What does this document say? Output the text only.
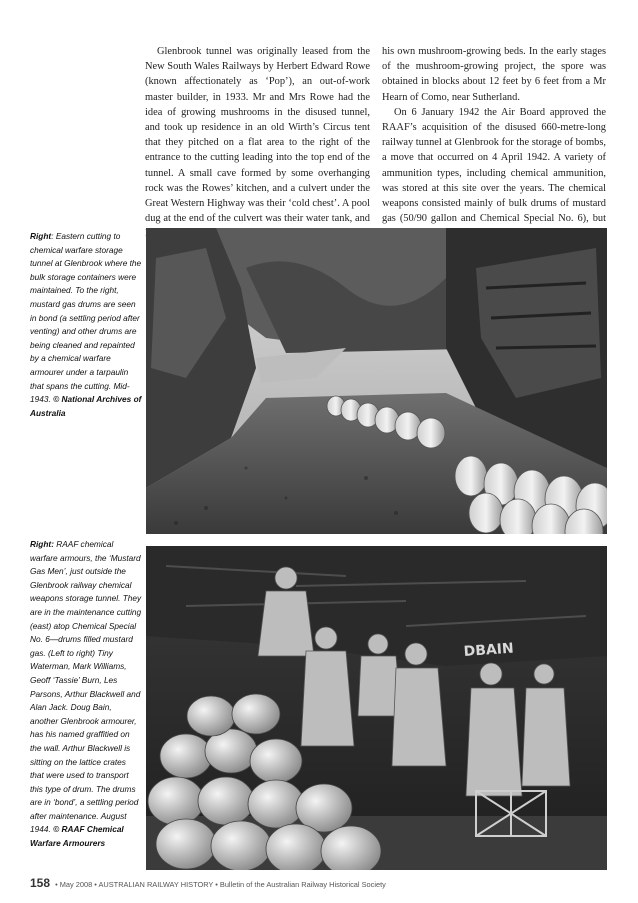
Glenbrook tunnel was originally leased from the New South Wales Railways by Herbert Edward Rowe (known affectionately as ‘Pop’), an out-of-work master builder, in 1933. Mr and Mrs Rowe had the idea of growing mushrooms in the disused tunnel, and took up residence in an old Wirth’s Circus tent that they pitched on a flat area to the right of the entrance to the cutting leading into the top end of the tunnel. A small cave formed by some overhanging rock was the Rowes’ kitchen, and a culvert under the Great Western Highway was their ‘cold chest’. A pool dug at the end of the culvert was their water tank, and

his own mushroom-growing beds. In the early stages of the mushroom-growing project, the spore was obtained in blocks about 12 feet by 6 feet from a Mr Hearn of Como, near Sutherland.

On 6 January 1942 the Air Board approved the RAAF’s acquisition of the disused 660-metre-long railway tunnel at Glenbrook for the storage of bombs, a move that occurred on 4 April 1942. A variety of ammunition types, including chemical ammunition, was stored at this site over the years. The chemical weapons consisted mainly of bulk drums of mustard gas (50/90 gallon and Chemical Special No. 6), but

Right: Eastern cutting to chemical warfare storage tunnel at Glenbrook where the bulk storage containers were maintained. To the right, mustard gas drums are seen in bond (a settling period after venting) and other drums are being cleaned and repainted by a chemical warfare armourer under a tarpaulin that spans the cutting. Mid-1943. © National Archives of Australia
Right: RAAF chemical warfare armours, the ‘Mustard Gas Men’, just outside the Glenbrook railway chemical weapons storage tunnel. They are in the maintenance cutting (east) atop Chemical Special No. 6—drums filled mustard gas. (Left to right) Tiny Waterman, Mark Williams, Geoff ‘Tassie’ Burn, Les Parsons, Arthur Blackwell and Alan Jack. Doug Bain, another Glenbrook armourer, has his named graffitied on the wall. Arthur Blackwell is sitting on the lattice crates that were used to transport this type of drum. The drums are in ‘bond’, a settling period after maintenance. August 1944. © RAAF Chemical Warfare Armourers
DBAIN
158 • May 2008 • AUSTRALIAN RAILWAY HISTORY • Bulletin of the Australian Railway Historical Society
